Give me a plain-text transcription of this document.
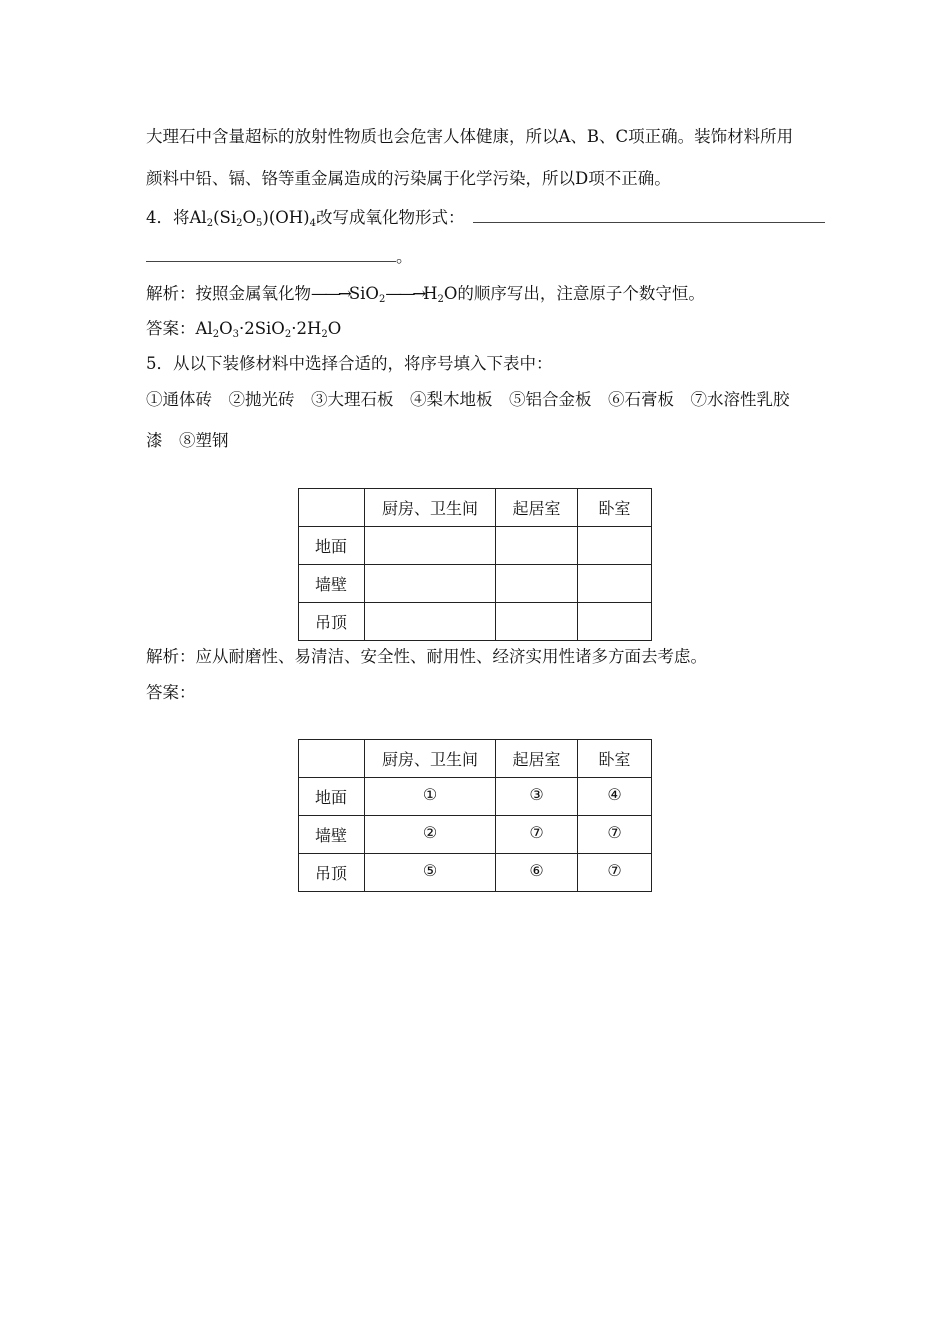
大理石中含量超标的放射性物质也会危害人体健康，所以A、B、C项正确。装饰材料所用
颜料中铅、镉、铬等重金属造成的污染属于化学污染，所以D项不正确。
4．将$Al_2(Si_2O_5)(OH)_4$改写成氧化物形式：
。
解析：按照金属氧化物$——\to SiO_2——\to H_2O$的顺序写出，注意原子个数守恒。
答案：$Al_2O_3\cdot 2SiO_2\cdot 2H_2O$
5．从以下装修材料中选择合适的，将序号填入下表中：
①通体砖　②抛光砖　③大理石板　④梨木地板　⑤铝合金板　⑥石膏板　⑦水溶性乳胶
漆　⑧塑钢
	厨房、卫生间	起居室	卧室
地面			
墙壁			
吊顶			
解析：应从耐磨性、易清洁、安全性、耐用性、经济实用性诸多方面去考虑。
答案：
	厨房、卫生间	起居室	卧室
地面	①	③	④
墙壁	②	⑦	⑦
吊顶	⑤	⑥	⑦
